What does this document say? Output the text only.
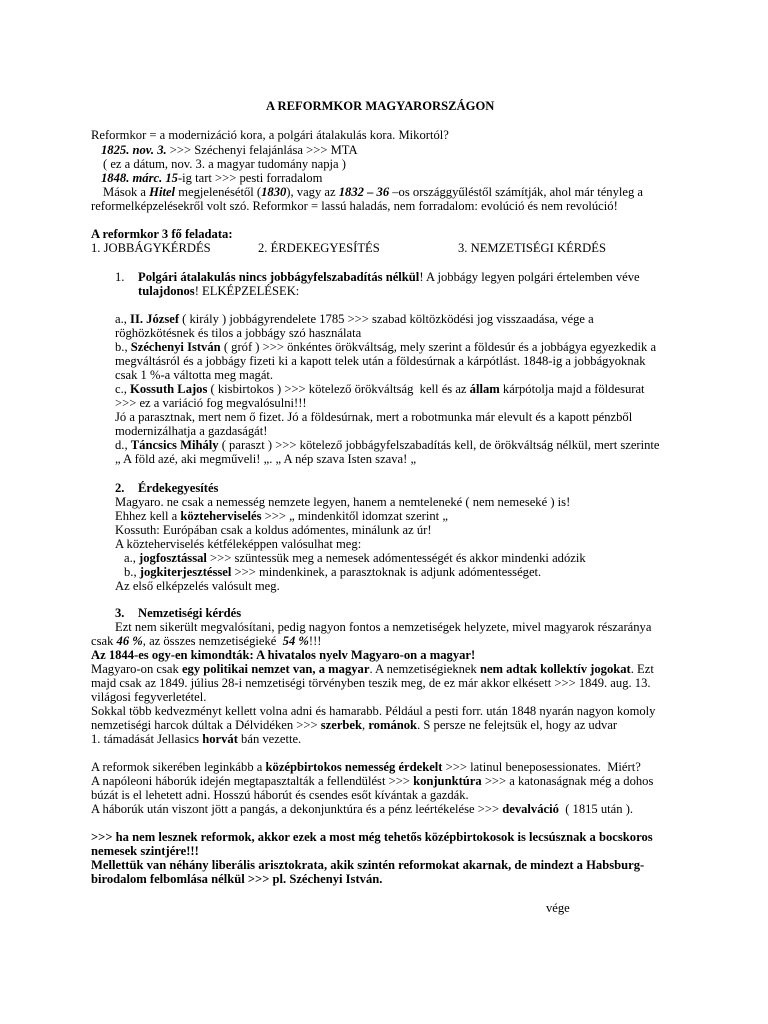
A REFORMKOR MAGYARORSZÁGON
Reformkor = a modernizáció kora, a polgári átalakulás kora. Mikortól?
1825. nov. 3. >>> Széchenyi felajánlása >>> MTA
( ez a dátum, nov. 3. a magyar tudomány napja )
1848. márc. 15-ig tart >>> pesti forradalom
Mások a Hitel megjelenésétől (1830), vagy az 1832 – 36 –os országgyűléstől számítják, ahol már tényleg a
reformelképzelésekről volt szó. Reformkor = lassú haladás, nem forradalom: evolúció és nem revolúció!
A reformkor 3 fő feladata:
1. JOBBÁGYKÉRDÉS	2. ÉRDEKEGYESÍTÉS	3. NEMZETISÉGI KÉRDÉS
1. Polgári átalakulás nincs jobbágyfelszabadítás nélkül! A jobbágy legyen polgári értelemben véve
tulajdonos! ELKÉPZELÉSEK:
a., II. József ( király ) jobbágyrendelete 1785 >>> szabad költözködési jog visszaadása, vége a
röghözkötésnek és tilos a jobbágy szó használata
b., Széchenyi István ( gróf ) >>> önkéntes örökváltság, mely szerint a földesúr és a jobbágya egyezkedik a
megváltásról és a jobbágy fizeti ki a kapott telek után a földesúrnak a kárpótlást. 1848-ig a jobbágyoknak
csak 1 %-a váltotta meg magát.
c., Kossuth Lajos ( kisbirtokos ) >>> kötelező örökváltság  kell és az állam kárpótolja majd a földesurat
>>> ez a variáció fog megvalósulni!!!
Jó a parasztnak, mert nem ő fizet. Jó a földesúrnak, mert a robotmunka már elevult és a kapott pénzből
modernizálhatja a gazdaságát!
d., Táncsics Mihály ( paraszt ) >>> kötelező jobbágyfelszabadítás kell, de örökváltság nélkül, mert szerinte
„ A föld azé, aki megműveli! „. „ A nép szava Isten szava! „
2. Érdekegyesítés
Magyaro. ne csak a nemesség nemzete legyen, hanem a nemteleneké ( nem nemeseké ) is!
Ehhez kell a közteherviselés >>> „ mindenkitől idomzat szerint „
Kossuth: Európában csak a koldus adómentes, minálunk az úr!
A közteherviselés kétféleképpen valósulhat meg:
a., jogfosztással >>> szüntessük meg a nemesek adómentességét és akkor mindenki adózik
b., jogkiterjesztéssel >>> mindenkinek, a parasztoknak is adjunk adómentességet.
Az első elképzelés valósult meg.
3. Nemzetiségi kérdés
Ezt nem sikerült megvalósítani, pedig nagyon fontos a nemzetiségek helyzete, mivel magyarok részaránya
csak 46 %, az összes nemzetiségieké  54 %!!!
Az 1844-es ogy-en kimondták: A hivatalos nyelv Magyaro-on a magyar!
Magyaro-on csak egy politikai nemzet van, a magyar. A nemzetiségieknek nem adtak kollektív jogokat. Ezt
majd csak az 1849. július 28-i nemzetiségi törvényben teszik meg, de ez már akkor elkésett >>> 1849. aug. 13.
világosi fegyverletétel.
Sokkal több kedvezményt kellett volna adni és hamarabb. Például a pesti forr. után 1848 nyarán nagyon komoly
nemzetiségi harcok dúltak a Délvidéken >>> szerbek, románok. S persze ne felejtsük el, hogy az udvar
1. támadását Jellasics horvát bán vezette.
A reformok sikerében leginkább a középbirtokos nemesség érdekelt >>> latinul beneposessionates.  Miért?
A napóleoni háborúk idején megtapasztalták a fellendülést >>> konjunktúra >>> a katonaságnak még a dohos
búzát is el lehetett adni. Hosszú háborút és csendes esőt kívántak a gazdák.
A háborúk után viszont jött a pangás, a dekonjunktúra és a pénz leértékelése >>> devalváció  ( 1815 után ).
>>> ha nem lesznek reformok, akkor ezek a most még tehetős középbirtokosok is lecsúsznak a bocskoros
nemesek szintjére!!!
Mellettük van néhány liberális arisztokrata, akik szintén reformokat akarnak, de mindezt a Habsburg-
birodalom felbomlása nélkül >>> pl. Széchenyi István.
vége
